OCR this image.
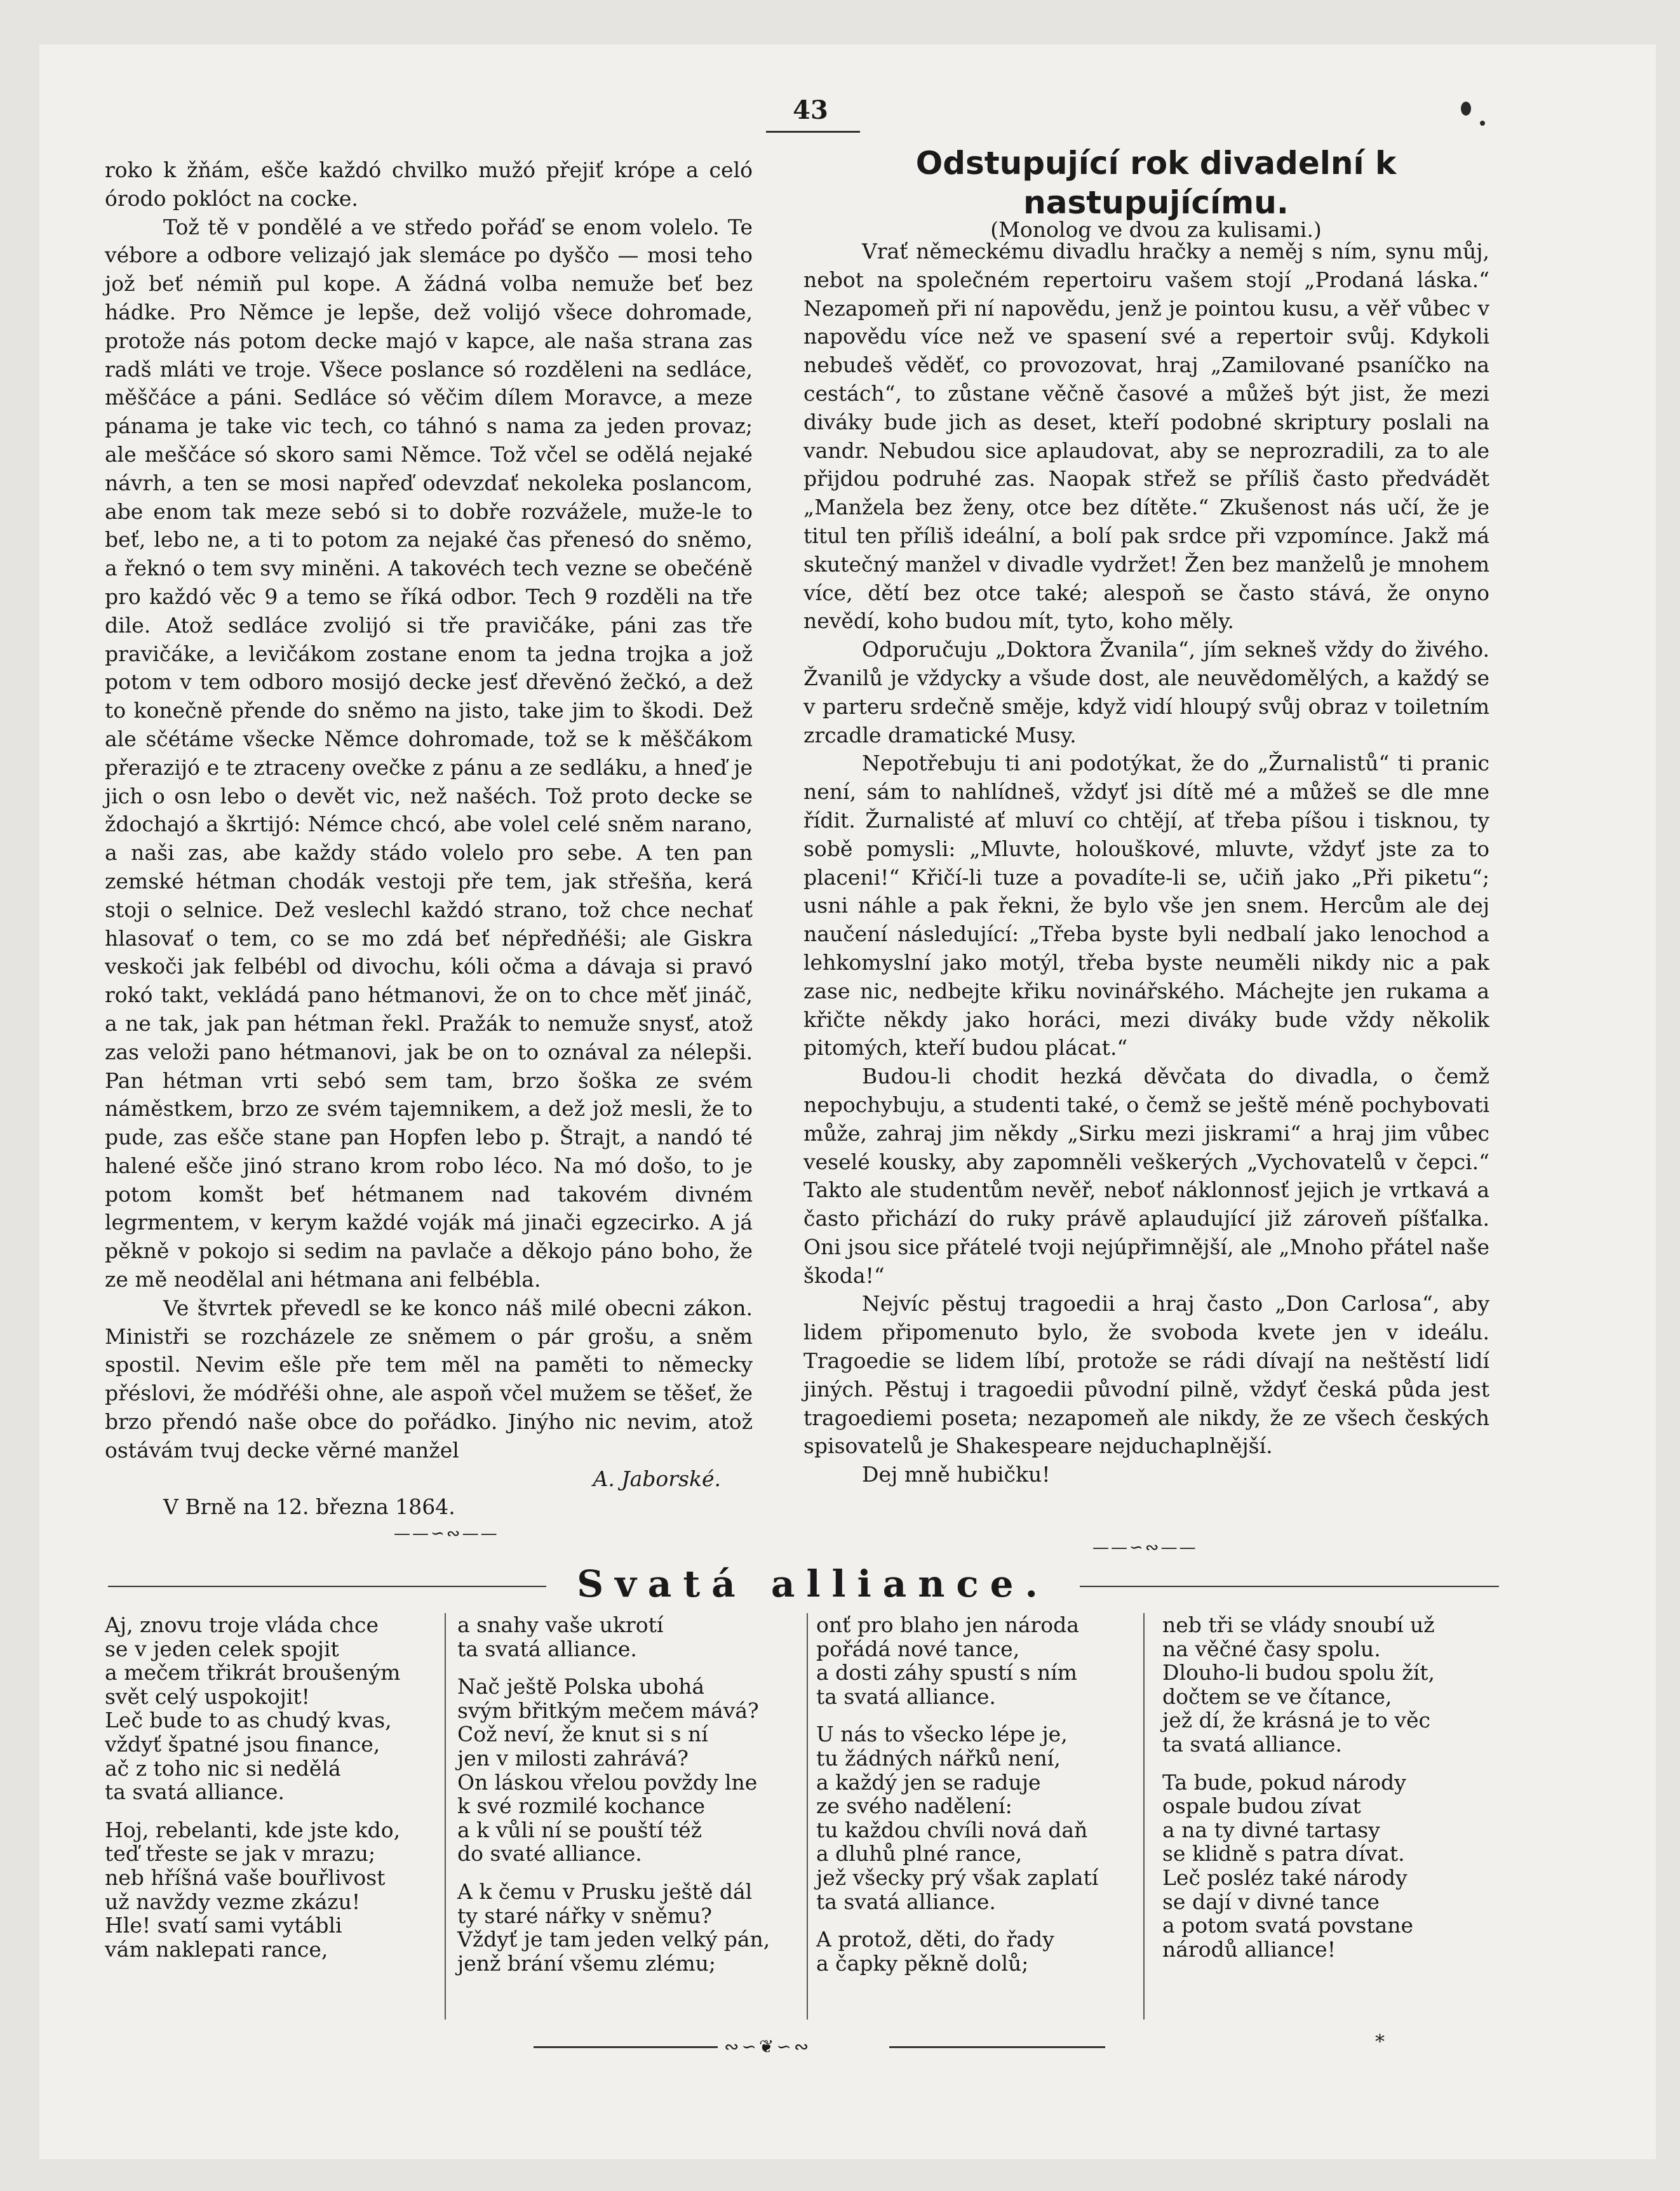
43

roko k žňám, ešče každó chvilko mužó přejiť krópe a celó órodo poklóct na cocke.

Tož tě v pondělé a ve středo pořáď se enom volelo. Te vébore a odbore velizajó jak slemáce po dyščo — mosi teho jož beť némiň pul kope. A žádná volba nemuže beť bez hádke. Pro Němce je lepše, dež volijó všece dohromade, protože nás potom decke majó v kapce, ale naša strana zas radš mláti ve troje. Všece poslance só rozděleni na sedláce, měščáce a páni. Sedláce só věčim dílem Moravce, a meze pánama je take vic tech, co táhnó s nama za jeden provaz; ale meščáce só skoro sami Němce. Tož včel se odělá nejaké návrh, a ten se mosi napřeď odevzdať nekoleka poslancom, abe enom tak meze sebó si to dobře rozvážele, muže-le to beť, lebo ne, a ti to potom za nejaké čas přenesó do sněmo, a řeknó o tem svy miněni. A takovéch tech vezne se obečéně pro každó věc 9 a temo se říká odbor. Tech 9 rozděli na tře dile. Atož sedláce zvolijó si tře pravičáke, páni zas tře pravičáke, a levičákom zostane enom ta jedna trojka a jož potom v tem odboro mosijó decke jesť dřevěnó žečkó, a dež to konečně přende do sněmo na jisto, take jim to škodi. Dež ale sčétáme všecke Němce dohromade, tož se k měščákom přerazijó e te ztraceny ovečke z pánu a ze sedláku, a hneď je jich o osn lebo o devět vic, než našéch. Tož proto decke se ždochajó a škrtijó: Némce chcó, abe volel celé sněm narano, a naši zas, abe každy stádo volelo pro sebe. A ten pan zemské hétman chodák vestoji pře tem, jak střešňa, kerá stoji o selnice. Dež veslechl každó strano, tož chce nechať hlasovať o tem, co se mo zdá beť népředňéši; ale Giskra veskoči jak felbébl od divochu, kóli očma a dávaja si pravó rokó takt, vekládá pano hétmanovi, že on to chce měť jináč, a ne tak, jak pan hétman řekl. Pražák to nemuže snysť, atož zas veloži pano hétmanovi, jak be on to oznával za nélepši. Pan hétman vrti sebó sem tam, brzo šoška ze svém náměstkem, brzo ze svém tajemnikem, a dež jož mesli, že to pude, zas ešče stane pan Hopfen lebo p. Štrajt, a nandó té halené ešče jinó strano krom robo léco. Na mó došo, to je potom komšt beť hétmanem nad takovém divném legrmentem, v kerym každé voják má jinači egzecirko. A já pěkně v pokojo si sedim na pavlače a děkojo páno boho, že ze mě neodělal ani hétmana ani felbébla.

Ve štvrtek převedl se ke konco náš milé obecni zákon. Ministři se rozcházele ze sněmem o pár grošu, a sněm spostil. Nevim ešle pře tem měl na paměti to německy přéslovi, že módřéši ohne, ale aspoň včel mužem se těšeť, že brzo přendó naše obce do pořádko. Jinýho nic nevim, atož ostávám tvuj decke věrné manžel

A. Jaborské.

V Brně na 12. března 1864.

——∽∾——
Odstupující rok divadelní k nastupujícímu.
(Monolog ve dvou za kulisami.)

Vrať německému divadlu hračky a neměj s ním, synu můj, nebot na společném repertoiru vašem stojí „Prodaná láska.“ Nezapomeň při ní napovědu, jenž je pointou kusu, a věř vůbec v napovědu více než ve spasení své a repertoir svůj. Kdykoli nebudeš věděť, co provozovat, hraj „Zamilované psaníčko na cestách“, to zůstane věčně časové a můžeš být jist, že mezi diváky bude jich as deset, kteří podobné skriptury poslali na vandr. Nebudou sice aplaudovat, aby se neprozradili, za to ale přijdou podruhé zas. Naopak střež se příliš často předvádět „Manžela bez ženy, otce bez dítěte.“ Zkušenost nás učí, že je titul ten příliš ideální, a bolí pak srdce při vzpomínce. Jakž má skutečný manžel v divadle vydržet! Žen bez manželů je mnohem více, dětí bez otce také; alespoň se často stává, že onyno nevědí, koho budou mít, tyto, koho měly.

Odporučuju „Doktora Žvanila“, jím sekneš vždy do živého. Žvanilů je vždycky a všude dost, ale neuvědomělých, a každý se v parteru srdečně směje, když vidí hloupý svůj obraz v toiletním zrcadle dramatické Musy.

Nepotřebuju ti ani podotýkat, že do „Žurnalistů“ ti pranic není, sám to nahlídneš, vždyť jsi dítě mé a můžeš se dle mne řídit. Žurnalisté ať mluví co chtějí, ať třeba píšou i tisknou, ty sobě pomysli: „Mluvte, holouškové, mluvte, vždyť jste za to placeni!“ Křičí-li tuze a povadíte-li se, učiň jako „Při piketu“; usni náhle a pak řekni, že bylo vše jen snem. Hercům ale dej naučení následující: „Třeba byste byli nedbalí jako lenochod a lehkomyslní jako motýl, třeba byste neuměli nikdy nic a pak zase nic, nedbejte křiku novinářského. Máchejte jen rukama a křičte někdy jako horáci, mezi diváky bude vždy několik pitomých, kteří budou plácat.“

Budou-li chodit hezká děvčata do divadla, o čemž nepochybuju, a studenti také, o čemž se ještě méně pochybovati může, zahraj jim někdy „Sirku mezi jiskrami“ a hraj jim vůbec veselé kousky, aby zapomněli veškerých „Vychovatelů v čepci.“ Takto ale studentům nevěř, neboť náklonnosť jejich je vrtkavá a často přichází do ruky právě aplaudující již zároveň píšťalka. Oni jsou sice přátelé tvoji nejúpřimnější, ale „Mnoho přátel naše škoda!“

Nejvíc pěstuj tragoedii a hraj často „Don Carlosa“, aby lidem připomenuto bylo, že svoboda kvete jen v ideálu. Tragoedie se lidem líbí, protože se rádi dívají na neštěstí lidí jiných. Pěstuj i tragoedii původní pilně, vždyť česká půda jest tragoediemi poseta; nezapomeň ale nikdy, že ze všech českých spisovatelů je Shakespeare nejduchaplnější.

Dej mně hubičku!

——∽∾——
Svatá alliance.
Aj, znovu troje vláda chce
se v jeden celek spojit
a mečem třikrát broušeným
svět celý uspokojit!
Leč bude to as chudý kvas,
vždyť špatné jsou finance,
ač z toho nic si nedělá
ta svatá alliance.
Hoj, rebelanti, kde jste kdo,
teď třeste se jak v mrazu;
neb hříšná vaše bouřlivost
už navždy vezme zkázu!
Hle! svatí sami vytábli
vám naklepati rance,
a snahy vaše ukrotí
ta svatá alliance.
Nač ještě Polska ubohá
svým břitkým mečem mává?
Což neví, že knut si s ní
jen v milosti zahrává?
On láskou vřelou povždy lne
k své rozmilé kochance
a k vůli ní se pouští též
do svaté alliance.
A k čemu v Prusku ještě dál
ty staré nářky v sněmu?
Vždyť je tam jeden velký pán,
jenž brání všemu zlému;
onť pro blaho jen národa
pořádá nové tance,
a dosti záhy spustí s ním
ta svatá alliance.
U nás to všecko lépe je,
tu žádných nářků není,
a každý jen se raduje
ze svého nadělení:
tu každou chvíli nová daň
a dluhů plné rance,
jež všecky prý však zaplatí
ta svatá alliance.
A protož, děti, do řady
a čapky pěkně dolů;
neb tři se vlády snoubí už
na věčné časy spolu.
Dlouho-li budou spolu žít,
dočtem se ve čítance,
jež dí, že krásná je to věc
ta svatá alliance.
Ta bude, pokud národy
ospale budou zívat
a na ty divné tartasy
se klidně s patra dívat.
Leč posléz také národy
se dají v divné tance
a potom svatá povstane
národů alliance!
∾∽❦∽∾	*
